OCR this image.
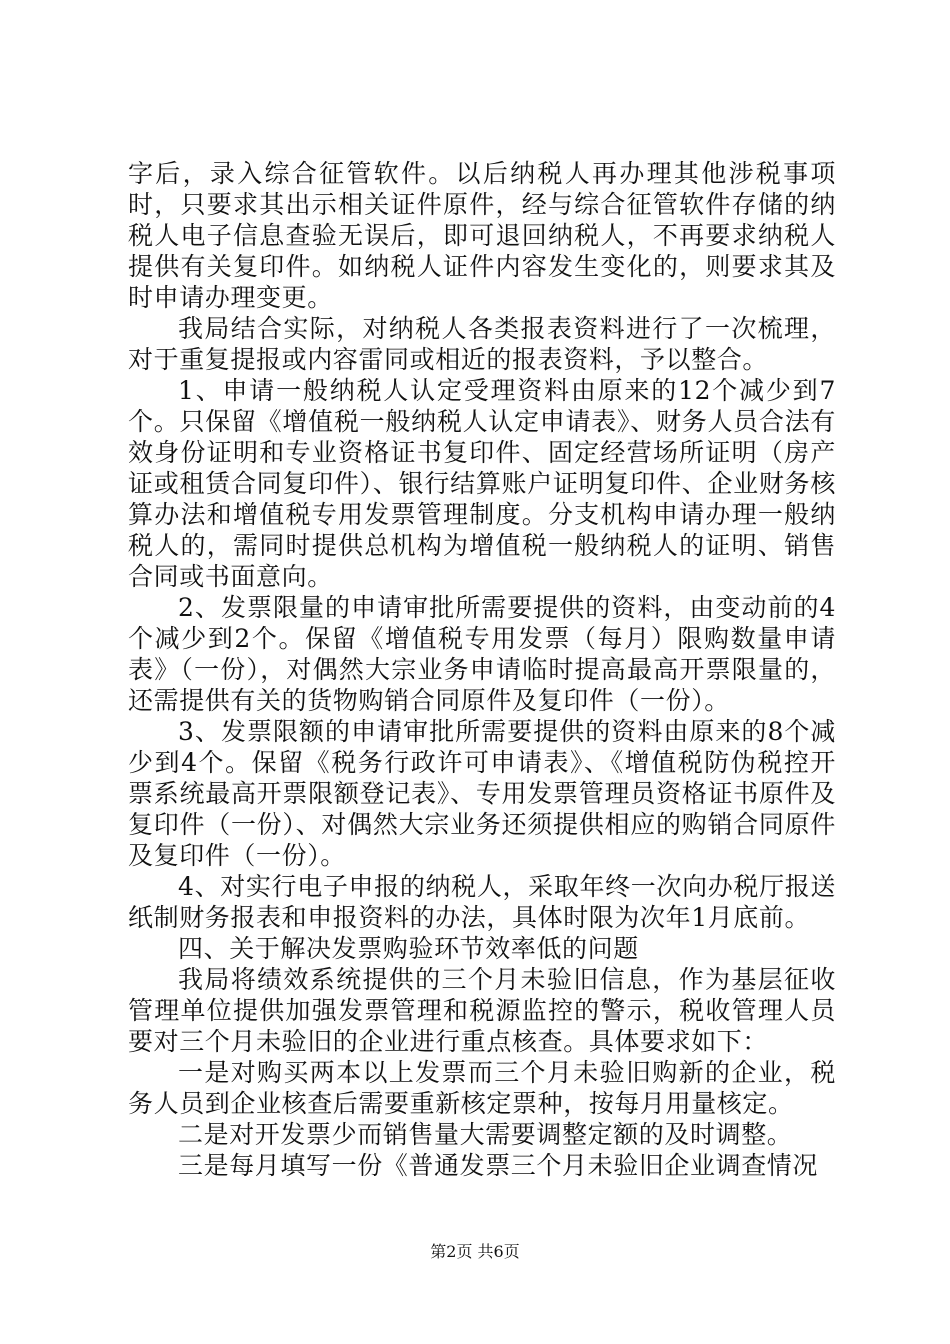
字后，录入综合征管软件。以后纳税人再办理其他涉税事项时，只要求其出示相关证件原件，经与综合征管软件存储的纳税人电子信息查验无误后，即可退回纳税人，不再要求纳税人提供有关复印件。如纳税人证件内容发生变化的，则要求其及时申请办理变更。

我局结合实际，对纳税人各类报表资料进行了一次梳理，对于重复提报或内容雷同或相近的报表资料，予以整合。

1、申请一般纳税人认定受理资料由原来的12个减少到7个。只保留《增值税一般纳税人认定申请表》、财务人员合法有效身份证明和专业资格证书复印件、固定经营场所证明（房产证或租赁合同复印件）、银行结算账户证明复印件、企业财务核算办法和增值税专用发票管理制度。分支机构申请办理一般纳税人的，需同时提供总机构为增值税一般纳税人的证明、销售合同或书面意向。

2、发票限量的申请审批所需要提供的资料，由变动前的4个减少到2个。保留《增值税专用发票（每月）限购数量申请表》（一份），对偶然大宗业务申请临时提高最高开票限量的，还需提供有关的货物购销合同原件及复印件（一份）。

3、发票限额的申请审批所需要提供的资料由原来的8个减少到4个。保留《税务行政许可申请表》、《增值税防伪税控开票系统最高开票限额登记表》、专用发票管理员资格证书原件及复印件（一份）、对偶然大宗业务还须提供相应的购销合同原件及复印件（一份）。

4、对实行电子申报的纳税人，采取年终一次向办税厅报送纸制财务报表和申报资料的办法，具体时限为次年1月底前。

四、关于解决发票购验环节效率低的问题

我局将绩效系统提供的三个月未验旧信息，作为基层征收管理单位提供加强发票管理和税源监控的警示，税收管理人员要对三个月未验旧的企业进行重点核查。具体要求如下：

一是对购买两本以上发票而三个月未验旧购新的企业，税务人员到企业核查后需要重新核定票种，按每月用量核定。

二是对开发票少而销售量大需要调整定额的及时调整。

三是每月填写一份《普通发票三个月未验旧企业调查情况

第2页 共6页
